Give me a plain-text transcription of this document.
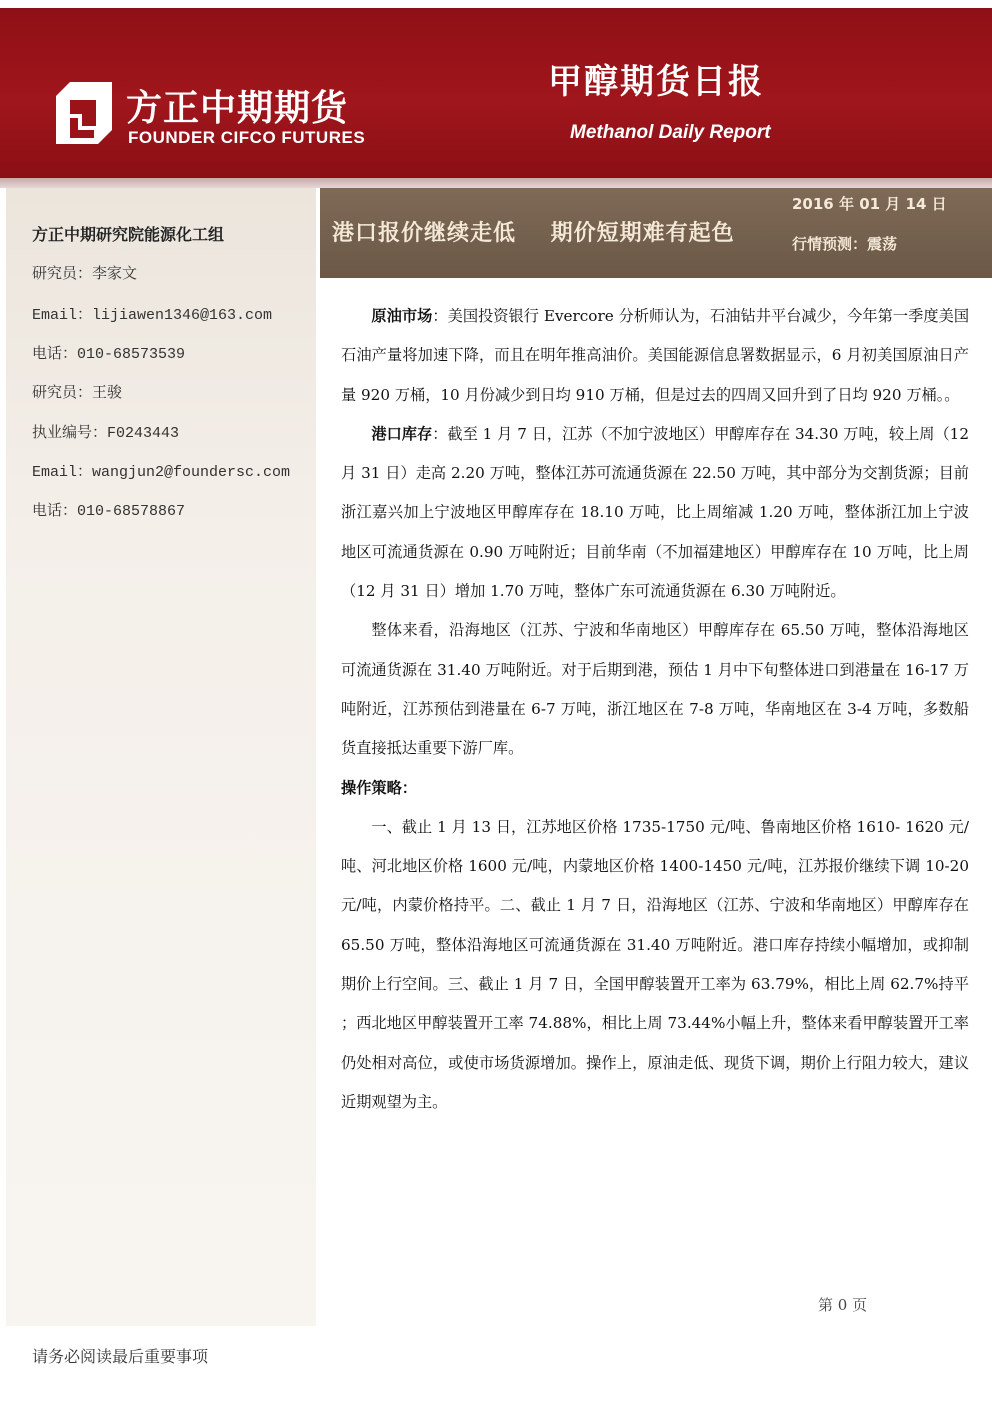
方正中期期货
FOUNDER CIFCO FUTURES
甲醇期货日报
Methanol Daily Report
方正中期研究院能源化工组
研究员：李家文
Email：lijiawen1346@163.com
电话：010-68573539
研究员：王骏
执业编号：F0243443
Email：wangjun2@foundersc.com
电话：010-68578867
港口报价继续走低    期价短期难有起色
2016 年 01 月 14 日
行情预测：震荡

原油市场：美国投资银行 Evercore 分析师认为，石油钻井平台减少，今年第一季度美国石油产量将加速下降，而且在明年推高油价。美国能源信息署数据显示，6 月初美国原油日产量 920 万桶，10 月份减少到日均 910 万桶，但是过去的四周又回升到了日均 920 万桶。。

港口库存：截至 1 月 7 日，江苏（不加宁波地区）甲醇库存在 34.30 万吨，较上周（12 月 31 日）走高 2.20 万吨，整体江苏可流通货源在 22.50 万吨，其中部分为交割货源；目前浙江嘉兴加上宁波地区甲醇库存在 18.10 万吨，比上周缩减 1.20 万吨，整体浙江加上宁波地区可流通货源在 0.90 万吨附近；目前华南（不加福建地区）甲醇库存在 10 万吨，比上周（12 月 31 日）增加 1.70 万吨，整体广东可流通货源在 6.30 万吨附近。

整体来看，沿海地区（江苏、宁波和华南地区）甲醇库存在 65.50 万吨，整体沿海地区可流通货源在 31.40 万吨附近。对于后期到港，预估 1 月中下旬整体进口到港量在 16-17 万吨附近，江苏预估到港量在 6-7 万吨，浙江地区在 7-8 万吨，华南地区在 3-4 万吨，多数船货直接抵达重要下游厂库。

操作策略：

一、截止 1 月 13 日，江苏地区价格 1735-1750 元/吨、鲁南地区价格 1610- 1620 元/吨、河北地区价格 1600 元/吨，内蒙地区价格 1400-1450 元/吨，江苏报价继续下调 10-20 元/吨，内蒙价格持平。二、截止 1 月 7 日，沿海地区（江苏、宁波和华南地区）甲醇库存在 65.50 万吨，整体沿海地区可流通货源在 31.40 万吨附近。港口库存持续小幅增加，或抑制期价上行空间。三、截止 1 月 7 日，全国甲醇装置开工率为 63.79%，相比上周 62.7%持平 ；西北地区甲醇装置开工率 74.88%，相比上周 73.44%小幅上升，整体来看甲醇装置开工率仍处相对高位，或使市场货源增加。操作上，原油走低、现货下调，期价上行阻力较大，建议近期观望为主。

第 0 页
请务必阅读最后重要事项
